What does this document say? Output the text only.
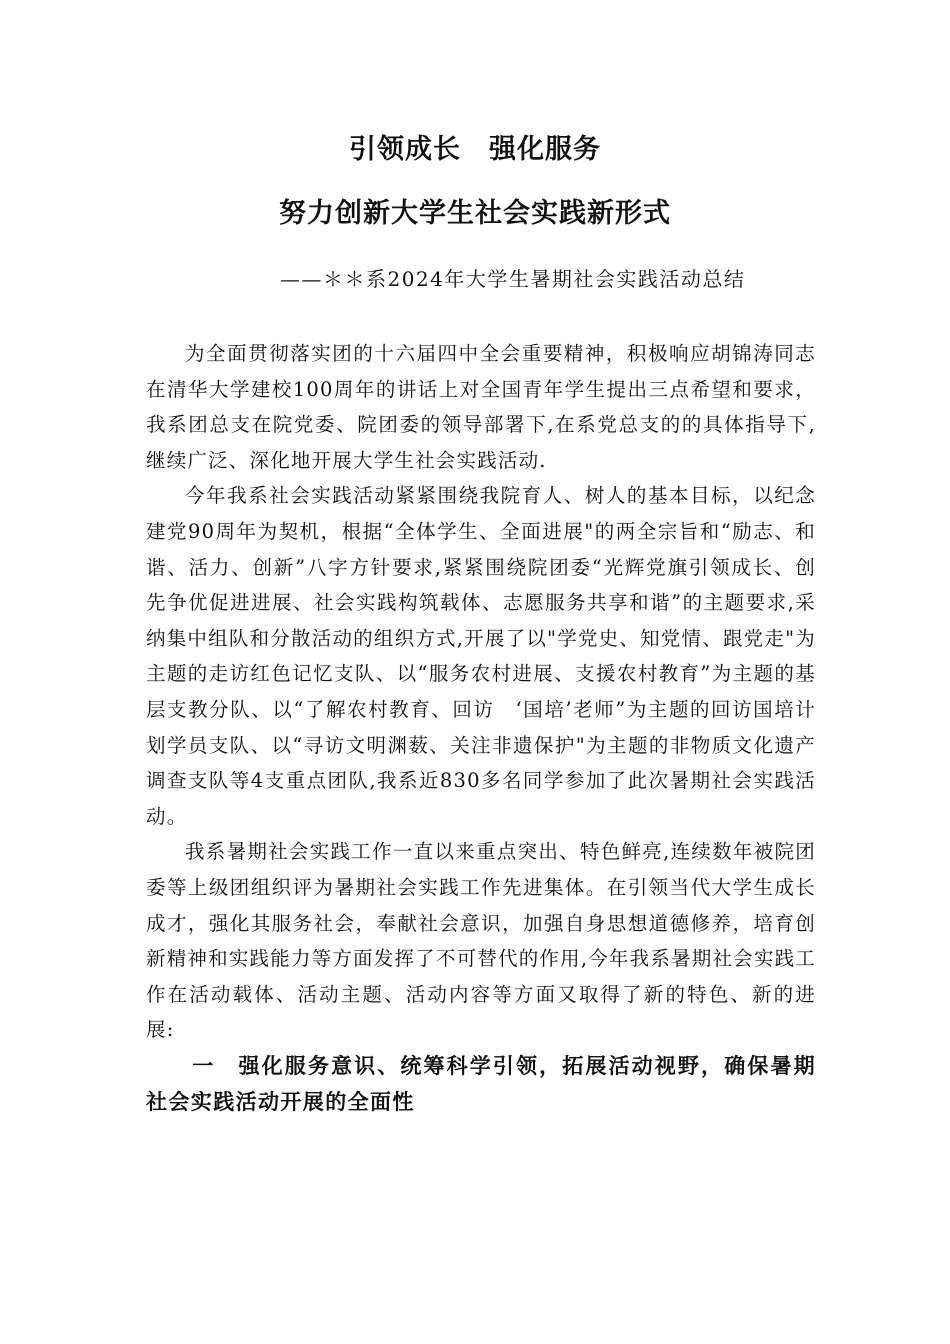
引领成长　强化服务
努力创新大学生社会实践新形式
——＊＊系2024年大学生暑期社会实践活动总结

为全面贯彻落实团的十六届四中全会重要精神，积极响应胡锦涛同志在清华大学建校100周年的讲话上对全国青年学生提出三点希望和要求，我系团总支在院党委、院团委的领导部署下,在系党总支的的具体指导下,继续广泛、深化地开展大学生社会实践活动.

今年我系社会实践活动紧紧围绕我院育人、树人的基本目标，以纪念建党90周年为契机，根据“全体学生、全面进展"的两全宗旨和“励志、和谐、活力、创新”八字方针要求,紧紧围绕院团委“光辉党旗引领成长、创先争优促进进展、社会实践构筑载体、志愿服务共享和谐”的主题要求,采纳集中组队和分散活动的组织方式,开展了以"学党史、知党情、跟党走"为主题的走访红色记忆支队、以“服务农村进展、支援农村教育”为主题的基层支教分队、以“了解农村教育、回访　‘国培’老师”为主题的回访国培计划学员支队、以“寻访文明渊薮、关注非遗保护"为主题的非物质文化遗产调查支队等4支重点团队,我系近830多名同学参加了此次暑期社会实践活动。

我系暑期社会实践工作一直以来重点突出、特色鲜亮,连续数年被院团委等上级团组织评为暑期社会实践工作先进集体。在引领当代大学生成长成才，强化其服务社会，奉献社会意识，加强自身思想道德修养，培育创新精神和实践能力等方面发挥了不可替代的作用,今年我系暑期社会实践工作在活动载体、活动主题、活动内容等方面又取得了新的特色、新的进展:

一　强化服务意识、统筹科学引领，拓展活动视野，确保暑期社会实践活动开展的全面性
